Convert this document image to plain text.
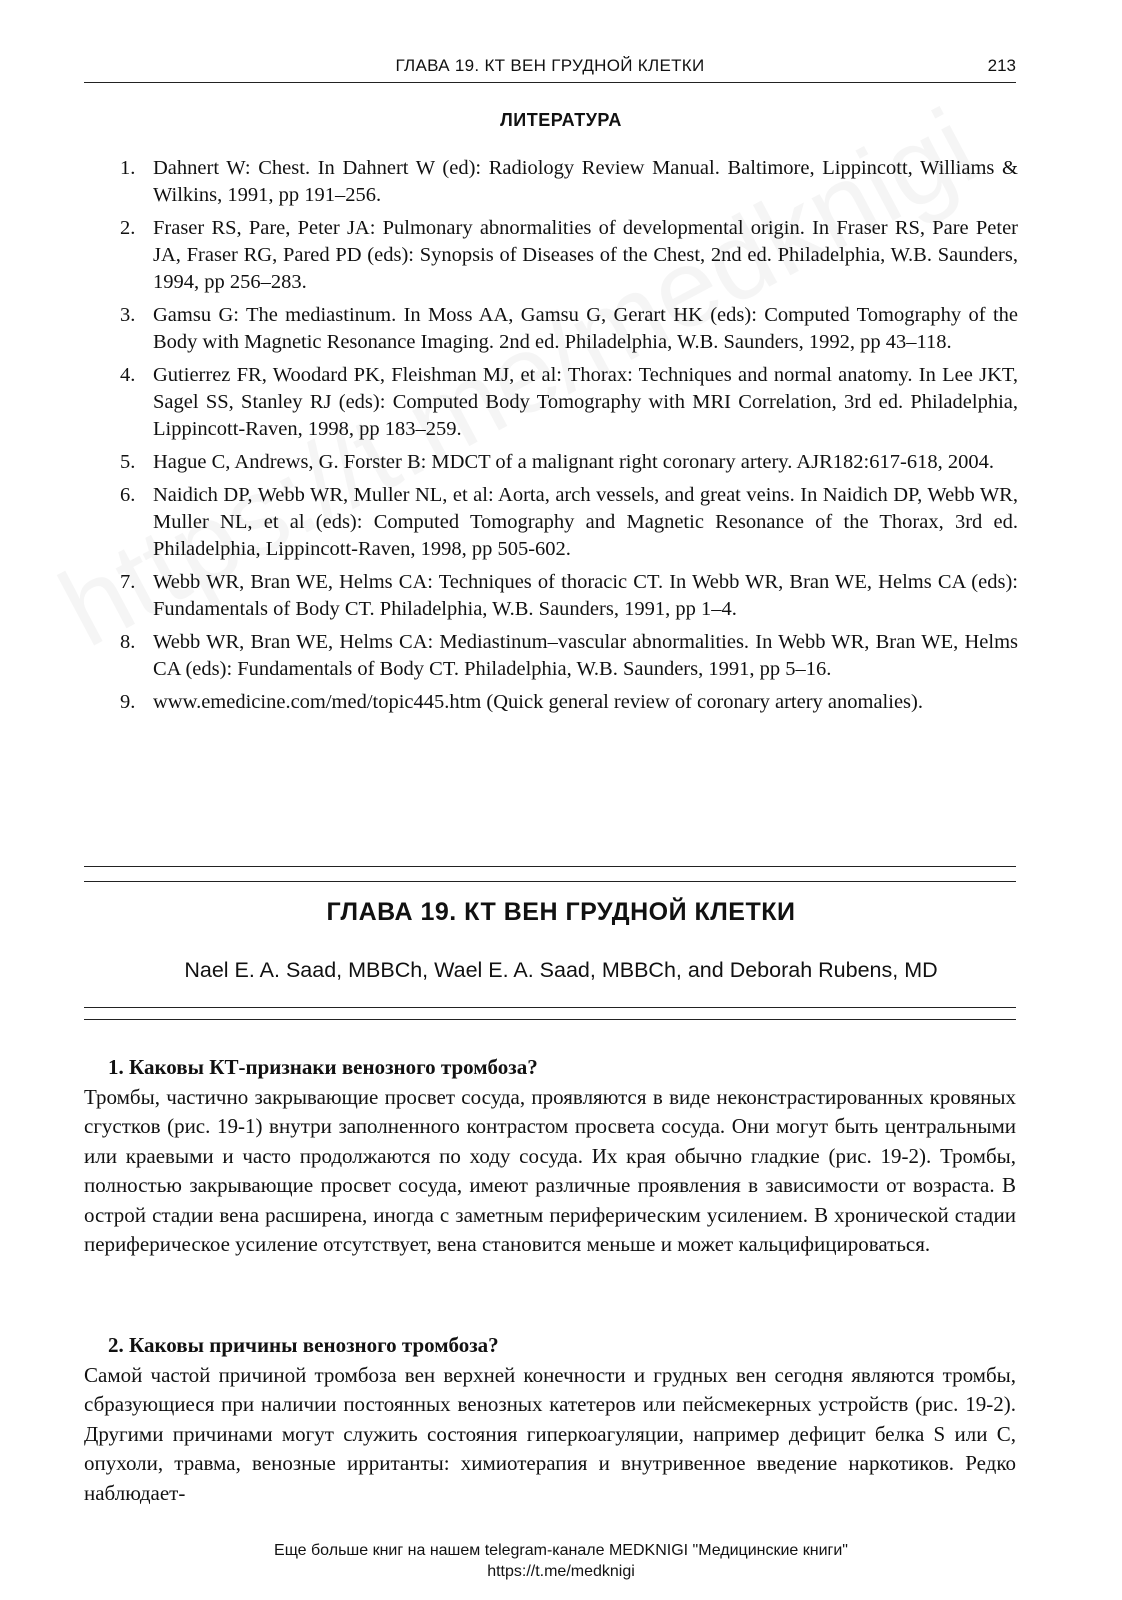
ГЛАВА 19. КТ ВЕН ГРУДНОЙ КЛЕТКИ	213
ЛИТЕРАТУРА
1. Dahnert W: Chest. In Dahnert W (ed): Radiology Review Manual. Baltimore, Lippincott, Williams & Wilkins, 1991, pp 191–256.
2. Fraser RS, Pare, Peter JA: Pulmonary abnormalities of developmental origin. In Fraser RS, Pare Peter JA, Fraser RG, Pared PD (eds): Synopsis of Diseases of the Chest, 2nd ed. Philadelphia, W.B. Saunders, 1994, pp 256–283.
3. Gamsu G: The mediastinum. In Moss AA, Gamsu G, Gerart HK (eds): Computed Tomography of the Body with Magnetic Resonance Imaging. 2nd ed. Philadelphia, W.B. Saunders, 1992, pp 43–118.
4. Gutierrez FR, Woodard PK, Fleishman MJ, et al: Thorax: Techniques and normal anatomy. In Lee JKT, Sagel SS, Stanley RJ (eds): Computed Body Tomography with MRI Correlation, 3rd ed. Philadelphia, Lippincott-Raven, 1998, pp 183–259.
5. Hague C, Andrews, G. Forster B: MDCT of a malignant right coronary artery. AJR182:617-618, 2004.
6. Naidich DP, Webb WR, Muller NL, et al: Aorta, arch vessels, and great veins. In Naidich DP, Webb WR, Muller NL, et al (eds): Computed Tomography and Magnetic Resonance of the Thorax, 3rd ed. Philadelphia, Lippincott-Raven, 1998, pp 505-602.
7. Webb WR, Bran WE, Helms CA: Techniques of thoracic CT. In Webb WR, Bran WE, Helms CA (eds): Fundamentals of Body CT. Philadelphia, W.B. Saunders, 1991, pp 1–4.
8. Webb WR, Bran WE, Helms CA: Mediastinum–vascular abnormalities. In Webb WR, Bran WE, Helms CA (eds): Fundamentals of Body CT. Philadelphia, W.B. Saunders, 1991, pp 5–16.
9. www.emedicine.com/med/topic445.htm (Quick general review of coronary artery anomalies).
ГЛАВА 19. КТ ВЕН ГРУДНОЙ КЛЕТКИ
Nael E. A. Saad, MBBCh, Wael E. A. Saad, MBBCh, and Deborah Rubens, MD
1. Каковы КТ-признаки венозного тромбоза?

Тромбы, частично закрывающие просвет сосуда, проявляются в виде неконстрастированных кровяных сгустков (рис. 19-1) внутри заполненного контрастом просвета сосуда. Они могут быть центральными или краевыми и часто продолжаются по ходу сосуда. Их края обычно гладкие (рис. 19-2). Тромбы, полностью закрывающие просвет сосуда, имеют различные проявления в зависимости от возраста. В острой стадии вена расширена, иногда с заметным периферическим усилением. В хронической стадии периферическое усиление отсутствует, вена становится меньше и может кальцифицироваться.

2. Каковы причины венозного тромбоза?

Самой частой причиной тромбоза вен верхней конечности и грудных вен сегодня являются тромбы, сбразующиеся при наличии постоянных венозных катетеров или пейсмекерных устройств (рис. 19-2). Другими причинами могут служить состояния гиперкоагуляции, например дефицит белка S или C, опухоли, травма, венозные ирританты: химиотерапия и внутривенное введение наркотиков. Редко наблюдает-

Еще больше книг на нашем telegram-канале MEDKNIGI "Медицинские книги"
https://t.me/medknigi
